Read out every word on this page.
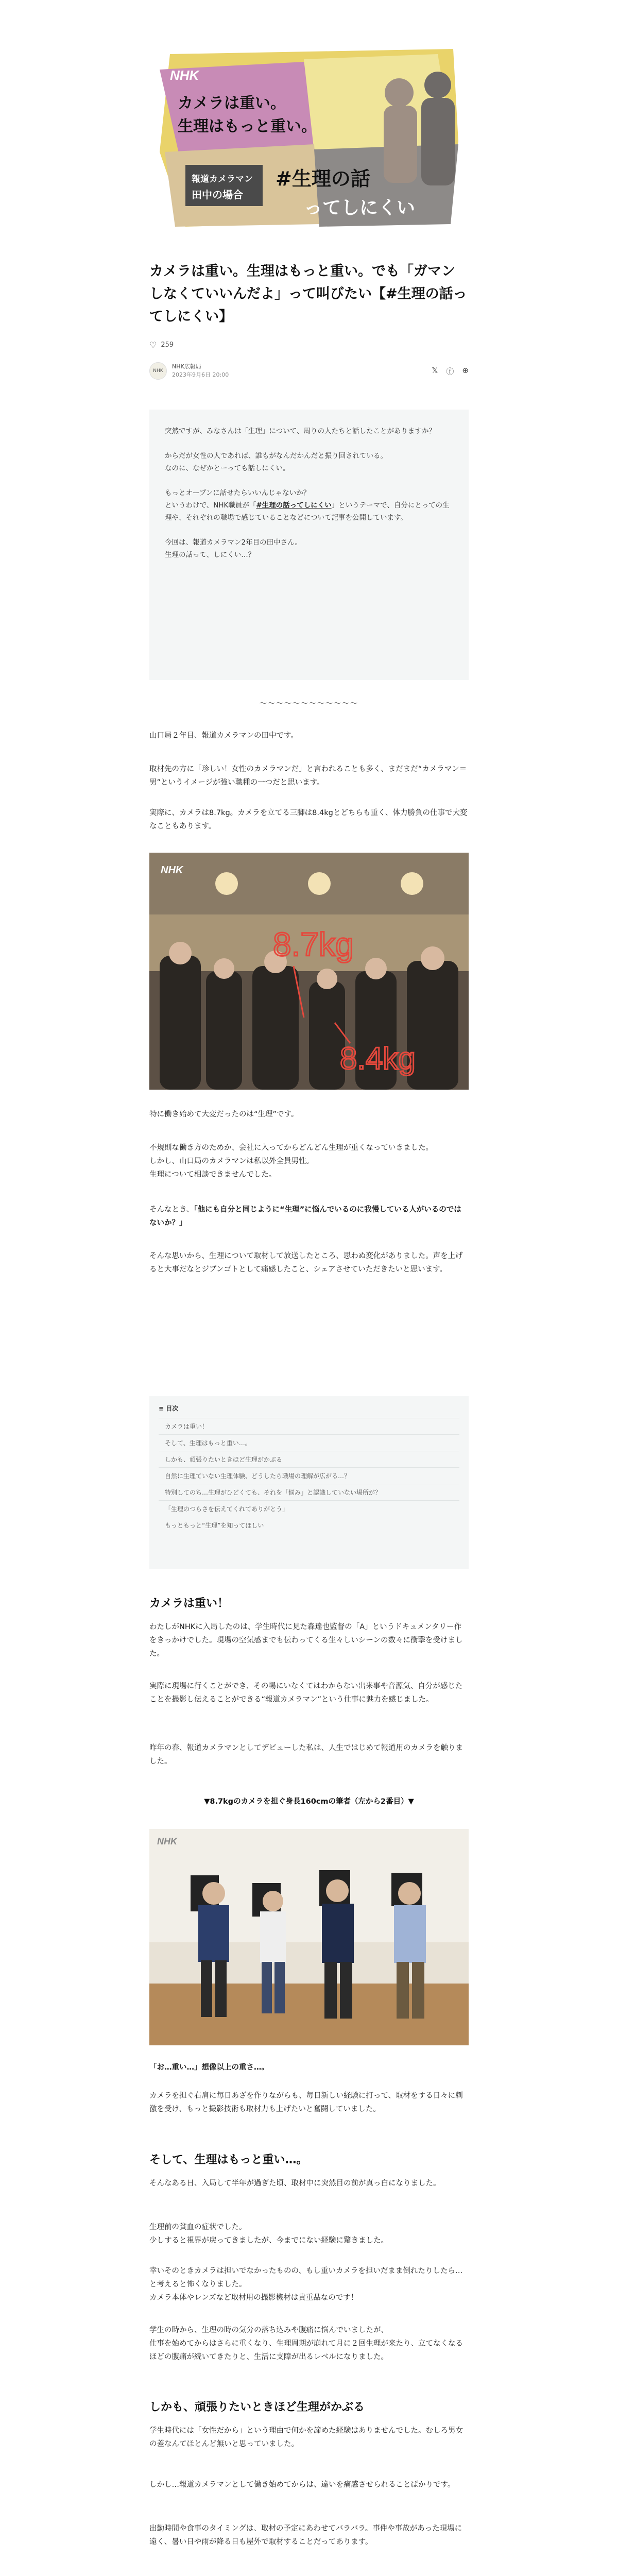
NHK
カメラは重い。
生理はもっと重い。
報道カメラマン
田中の場合
#生理の話
ってしにくい
カメラは重い。生理はもっと重い。でも「ガマンしなくていいんだよ」って叫びたい【#生理の話ってしにくい】
♡ 259
NHK
NHK広報局
2023年9月6日 20:00	𝕏 ⓕ ⊕

突然ですが、みなさんは「生理」について、周りの人たちと話したことがありますか？

からだが女性の人であれば、誰もがなんだかんだと振り回されている。
なのに、なぜかとーっても話しにくい。

もっとオープンに話せたらいいんじゃないか？
というわけで、NHK職員が「#生理の話ってしにくい」というテーマで、自分にとっての生理や、それぞれの職場で感じていることなどについて記事を公開しています。

今回は、報道カメラマン2年目の田中さん。
生理の話って、しにくい…？

〜〜〜〜〜〜〜〜〜〜〜〜

山口局２年目、報道カメラマンの田中です。

取材先の方に「珍しい！女性のカメラマンだ」と言われることも多く、まだまだ“カメラマン＝男”というイメージが強い職種の一つだと思います。

実際に、カメラは8.7kg。カメラを立てる三脚は8.4kgとどちらも重く、体力勝負の仕事で大変なこともあります。

NHK
8.7kg
8.4kg

特に働き始めて大変だったのは“生理”です。

不規則な働き方のためか、会社に入ってからどんどん生理が重くなっていきました。
しかし、山口局のカメラマンは私以外全員男性。
生理について相談できませんでした。

そんなとき、「他にも自分と同じように“生理”に悩んでいるのに我慢している人がいるのではないか？」

そんな思いから、生理について取材して放送したところ、思わぬ変化がありました。声を上げると大事だなとジブンゴトとして痛感したこと、シェアさせていただきたいと思います。

≡ 目次
カメラは重い！
そして、生理はもっと重い…。
しかも、頑張りたいときほど生理がかぶる
自然に生理ていない生理体験、どうしたら職場の理解が広がる…？
特別してのち…生理がひどくても、それを「悩み」と認識していない場所が？
「生理のつらさを伝えてくれてありがとう」
もっともっと“生理”を知ってほしい
カメラは重い！

わたしがNHKに入局したのは、学生時代に見た森達也監督の「A」というドキュメンタリー作をきっかけでした。現場の空気感までも伝わってくる生々しいシーンの数々に衝撃を受けました。

実際に現場に行くことができ、その場にいなくてはわからない出来事や音源気、自分が感じたことを撮影し伝えることができる“報道カメラマン”という仕事に魅力を感じました。

昨年の春、報道カメラマンとしてデビューした私は、人生ではじめて報道用のカメラを触りました。

▼8.7kgのカメラを担ぐ身長160cmの筆者（左から2番目）▼

NHK

「お…重い…」想像以上の重さ…。

カメラを担ぐ右肩に毎日あざを作りながらも、毎日新しい経験に打って、取材をする日々に刺激を受け、もっと撮影技術も取材力も上げたいと奮闘していました。

そして、生理はもっと重い…。

そんなある日、入局して半年が過ぎた頃、取材中に突然目の前が真っ白になりました。

生理前の貧血の症状でした。
少しすると視界が戻ってきましたが、今までにない経験に驚きました。

幸いそのときカメラは担いでなかったものの、もし重いカメラを担いだまま倒れたりしたら…と考えると怖くなりました。
カメラ本体やレンズなど取材用の撮影機材は貴重品なのです！

学生の時から、生理の時の気分の落ち込みや腹痛に悩んでいましたが、
仕事を始めてからはさらに重くなり、生理周期が崩れて月に２回生理が来たり、立てなくなるほどの腹痛が続いてきたりと、生活に支障が出るレベルになりました。

しかも、頑張りたいときほど生理がかぶる

学生時代には「女性だから」という理由で何かを諦めた経験はありませんでした。むしろ男女の差なんてほとんど無いと思っていました。

しかし…報道カメラマンとして働き始めてからは、違いを痛感させられることばかりです。

出勤時間や食事のタイミングは、取材の予定にあわせてバラバラ。事件や事故があった現場に遠く、暑い日や雨が降る日も屋外で取材することだってあります。
